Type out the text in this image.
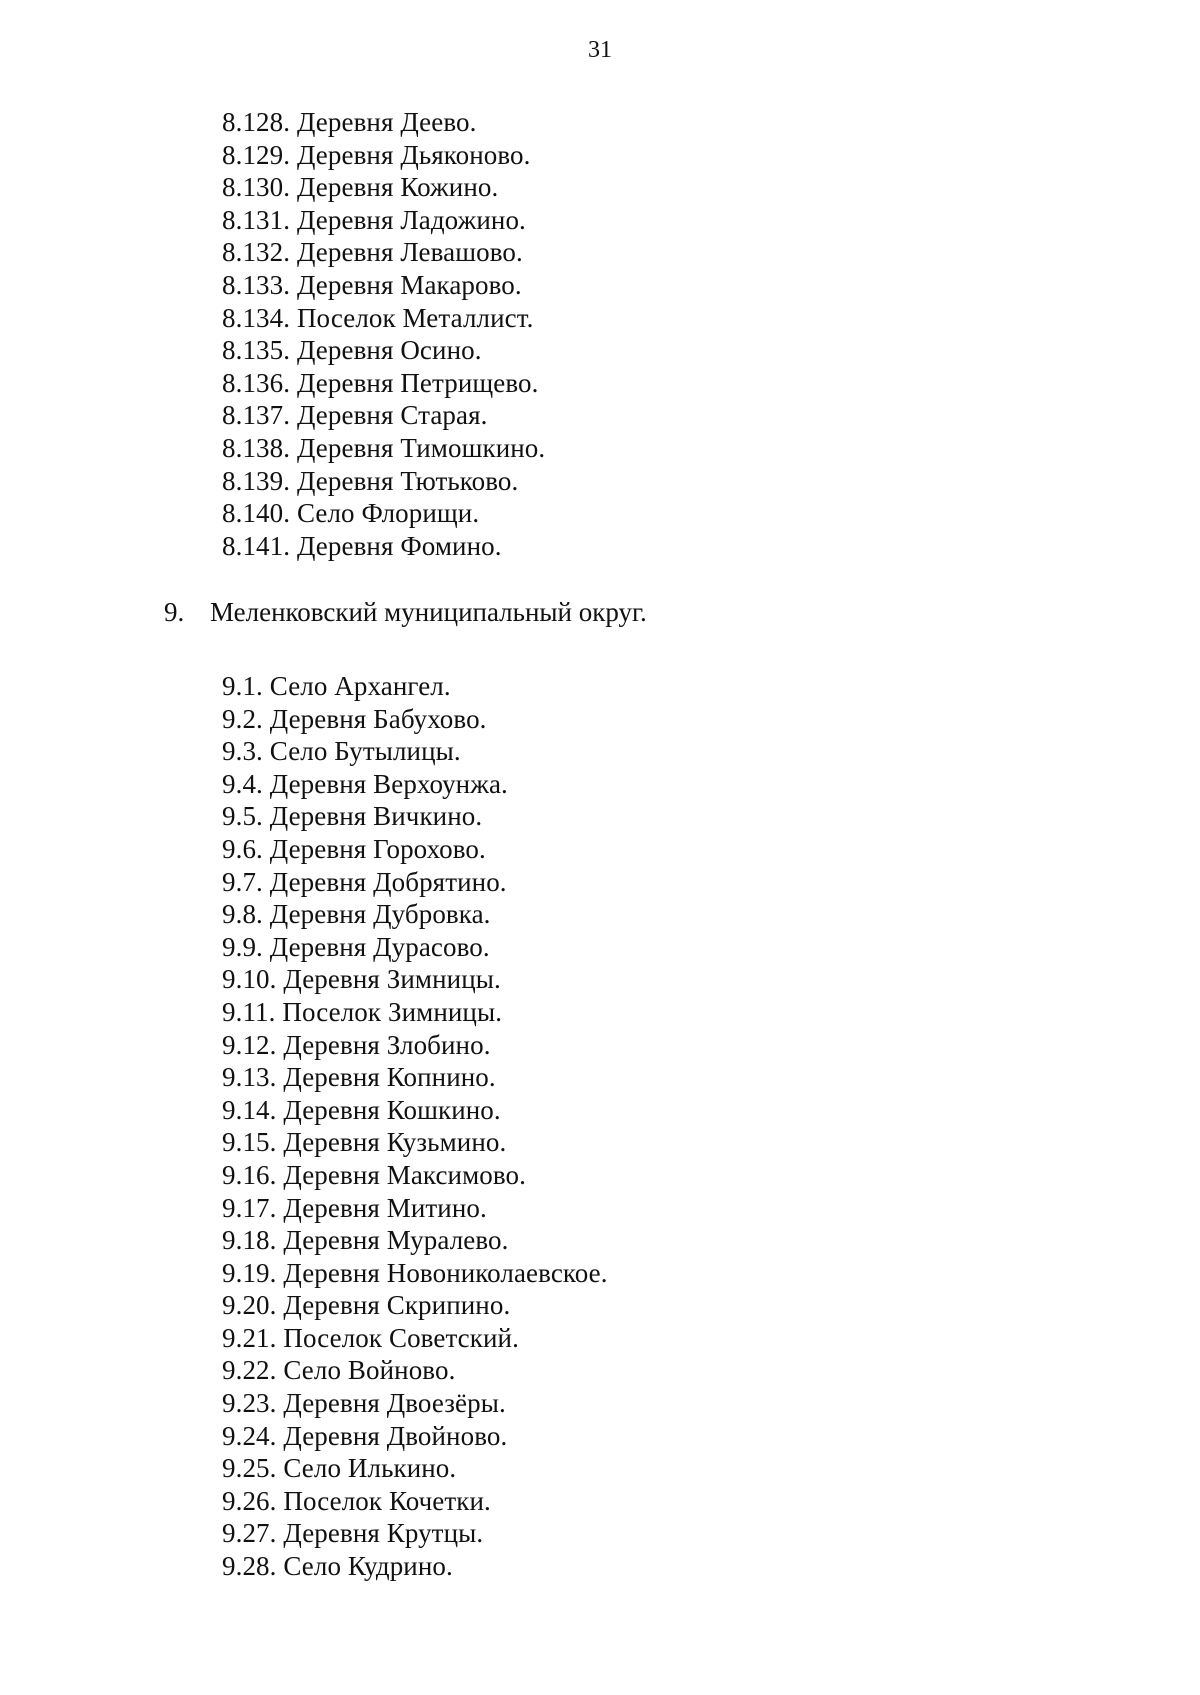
31
8.128. Деревня Деево.
8.129. Деревня Дьяконово.
8.130. Деревня Кожино.
8.131. Деревня Ладожино.
8.132. Деревня Левашово.
8.133. Деревня Макарово.
8.134. Поселок Металлист.
8.135. Деревня Осино.
8.136. Деревня Петрищево.
8.137. Деревня Старая.
8.138. Деревня Тимошкино.
8.139. Деревня Тютьково.
8.140. Село Флорищи.
8.141. Деревня Фомино.
9. Меленковский муниципальный округ.
9.1. Село Архангел.
9.2. Деревня Бабухово.
9.3. Село Бутылицы.
9.4. Деревня Верхоунжа.
9.5. Деревня Вичкино.
9.6. Деревня Горохово.
9.7. Деревня Добрятино.
9.8. Деревня Дубровка.
9.9. Деревня Дурасово.
9.10. Деревня Зимницы.
9.11. Поселок Зимницы.
9.12. Деревня Злобино.
9.13. Деревня Копнино.
9.14. Деревня Кошкино.
9.15. Деревня Кузьмино.
9.16. Деревня Максимово.
9.17. Деревня Митино.
9.18. Деревня Муралево.
9.19. Деревня Новониколаевское.
9.20. Деревня Скрипино.
9.21. Поселок Советский.
9.22. Село Войново.
9.23. Деревня Двоезёры.
9.24. Деревня Двойново.
9.25. Село Илькино.
9.26. Поселок Кочетки.
9.27. Деревня Крутцы.
9.28. Село Кудрино.
